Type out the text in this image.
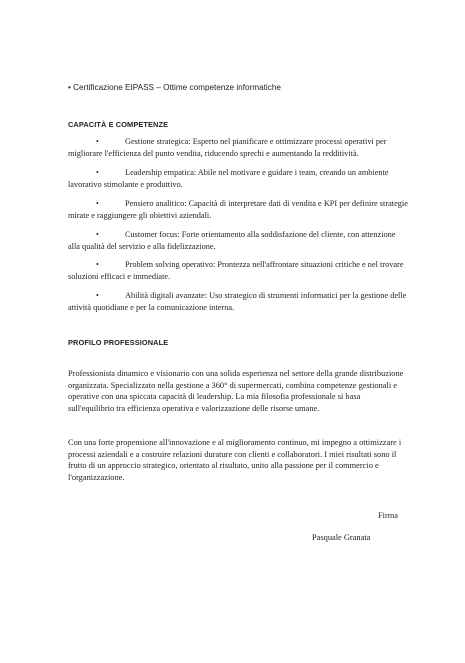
• Certificazione EIPASS – Ottime competenze informatiche
CAPACITÀ E COMPETENZE
•	Gestione strategica: Esperto nel pianificare e ottimizzare processi operativi per migliorare l'efficienza del punto vendita, riducendo sprechi e aumentando la redditività.
•	Leadership empatica: Abile nel motivare e guidare i team, creando un ambiente lavorativo stimolante e produttivo.
•	Pensiero analitico: Capacità di interpretare dati di vendita e KPI per definire strategie mirate e raggiungere gli obiettivi aziendali.
•	Customer focus: Forte orientamento alla soddisfazione del cliente, con attenzione alla qualità del servizio e alla fidelizzazione.
•	Problem solving operativo: Prontezza nell'affrontare situazioni critiche e nel trovare soluzioni efficaci e immediate.
•	Abilità digitali avanzate: Uso strategico di strumenti informatici per la gestione delle attività quotidiane e per la comunicazione interna.
PROFILO PROFESSIONALE
Professionista dinamico e visionario con una solida esperienza nel settore della grande distribuzione organizzata. Specializzato nella gestione a 360° di supermercati, combina competenze gestionali e operative con una spiccata capacità di leadership. La mia filosofia professionale si basa sull'equilibrio tra efficienza operativa e valorizzazione delle risorse umane.
Con una forte propensione all'innovazione e al miglioramento continuo, mi impegno a ottimizzare i processi aziendali e a costruire relazioni durature con clienti e collaboratori. I miei risultati sono il frutto di un approccio strategico, orientato al risultato, unito alla passione per il commercio e l'organizzazione.
Firma
Pasquale Granata
